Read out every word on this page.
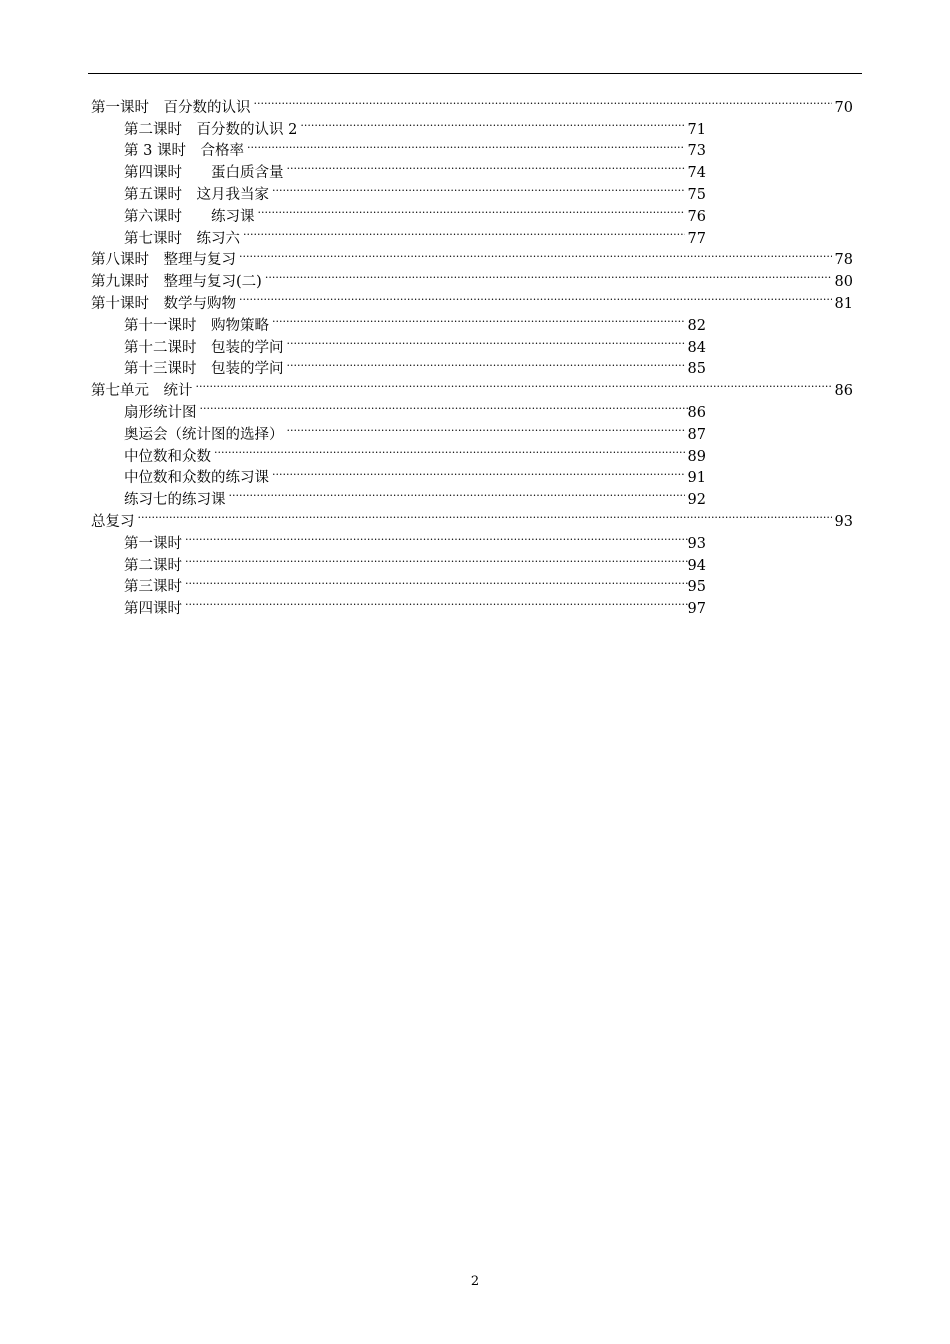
第一课时　百分数的认识 .....	70
第二课时　百分数的认识 2 .....	71
第 3 课时　合格率 .....	73
第四课时　　蛋白质含量 .....	74
第五课时　这月我当家 .....	75
第六课时　　练习课 .....	76
第七课时　练习六 .....	77
第八课时　整理与复习 .....	78
第九课时　整理与复习(二) .....	80
第十课时　数学与购物 .....	81
第十一课时　购物策略 .....	82
第十二课时　包装的学问 .....	84
第十三课时　包装的学问 .....	85
第七单元　统计 .....	86
扇形统计图 .....	86
奥运会（统计图的选择） .....	87
中位数和众数 .....	89
中位数和众数的练习课 .....	91
练习七的练习课 .....	92
总复习 .....	93
第一课时 .....	93
第二课时 .....	94
第三课时 .....	95
第四课时 .....	97
2
